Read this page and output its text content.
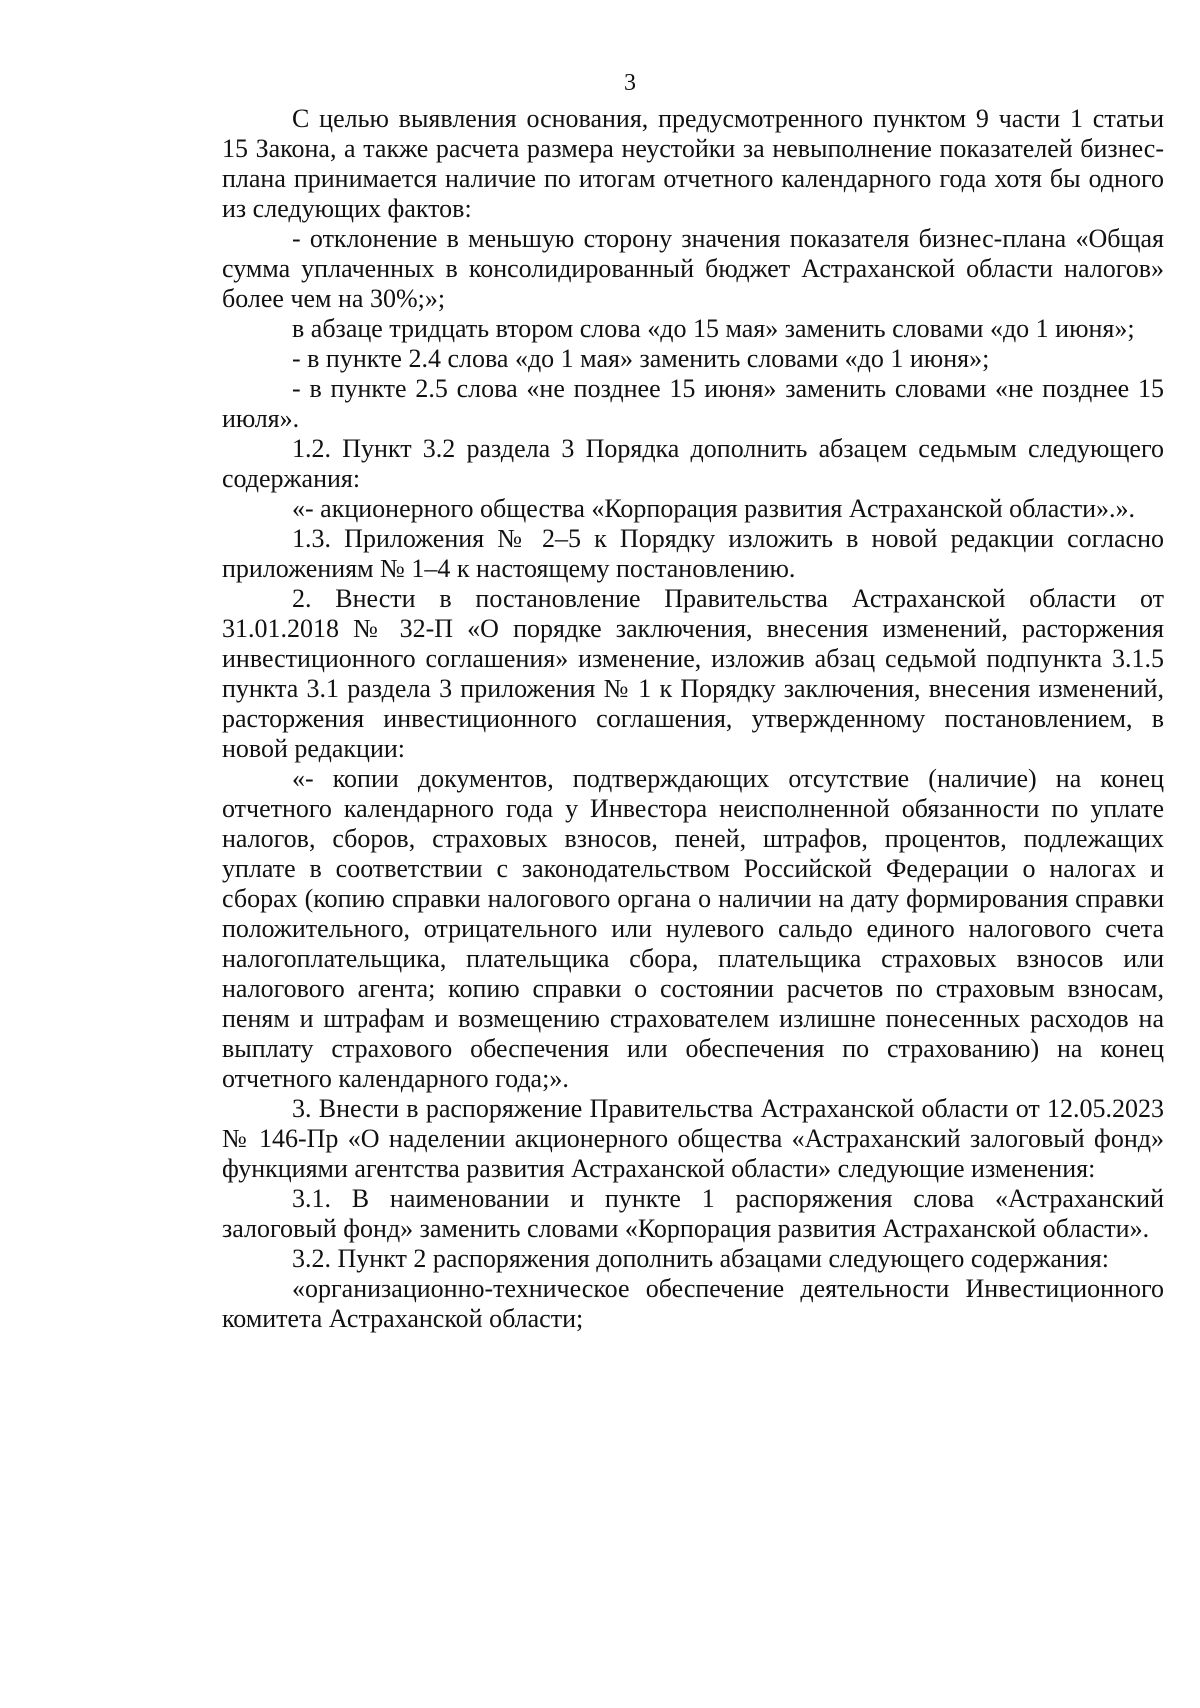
3

С целью выявления основания, предусмотренного пунктом 9 части 1 статьи 15 Закона, а также расчета размера неустойки за невыполнение показателей бизнес-плана принимается наличие по итогам отчетного календарного года хотя бы одного из следующих фактов:

- отклонение в меньшую сторону значения показателя бизнес-плана «Общая сумма уплаченных в консолидированный бюджет Астраханской области налогов» более чем на 30%;»;

в абзаце тридцать втором слова «до 15 мая» заменить словами «до 1 июня»;

- в пункте 2.4 слова «до 1 мая» заменить словами «до 1 июня»;

- в пункте 2.5 слова «не позднее 15 июня» заменить словами «не позднее 15 июля».

1.2. Пункт 3.2 раздела 3 Порядка дополнить абзацем седьмым следующего содержания:

«- акционерного общества «Корпорация развития Астраханской области».».

1.3. Приложения № 2–5 к Порядку изложить в новой редакции согласно приложениям № 1–4 к настоящему постановлению.

2. Внести в постановление Правительства Астраханской области от 31.01.2018 № 32-П «О порядке заключения, внесения изменений, расторжения инвестиционного соглашения» изменение, изложив абзац седьмой подпункта 3.1.5 пункта 3.1 раздела 3 приложения № 1 к Порядку заключения, внесения изменений, расторжения инвестиционного соглашения, утвержденному постановлением, в новой редакции:

«- копии документов, подтверждающих отсутствие (наличие) на конец отчетного календарного года у Инвестора неисполненной обязанности по уплате налогов, сборов, страховых взносов, пеней, штрафов, процентов, подлежащих уплате в соответствии с законодательством Российской Федерации о налогах и сборах (копию справки налогового органа о наличии на дату формирования справки положительного, отрицательного или нулевого сальдо единого налогового счета налогоплательщика, плательщика сбора, плательщика страховых взносов или налогового агента; копию справки о состоянии расчетов по страховым взносам, пеням и штрафам и возмещению страхователем излишне понесенных расходов на выплату страхового обеспечения или обеспечения по страхованию) на конец отчетного календарного года;».

3. Внести в распоряжение Правительства Астраханской области от 12.05.2023 № 146-Пр «О наделении акционерного общества «Астраханский залоговый фонд» функциями агентства развития Астраханской области» следующие изменения:

3.1. В наименовании и пункте 1 распоряжения слова «Астраханский залоговый фонд» заменить словами «Корпорация развития Астраханской области».

3.2. Пункт 2 распоряжения дополнить абзацами следующего содержания:

«организационно-техническое обеспечение деятельности Инвестиционного комитета Астраханской области;
